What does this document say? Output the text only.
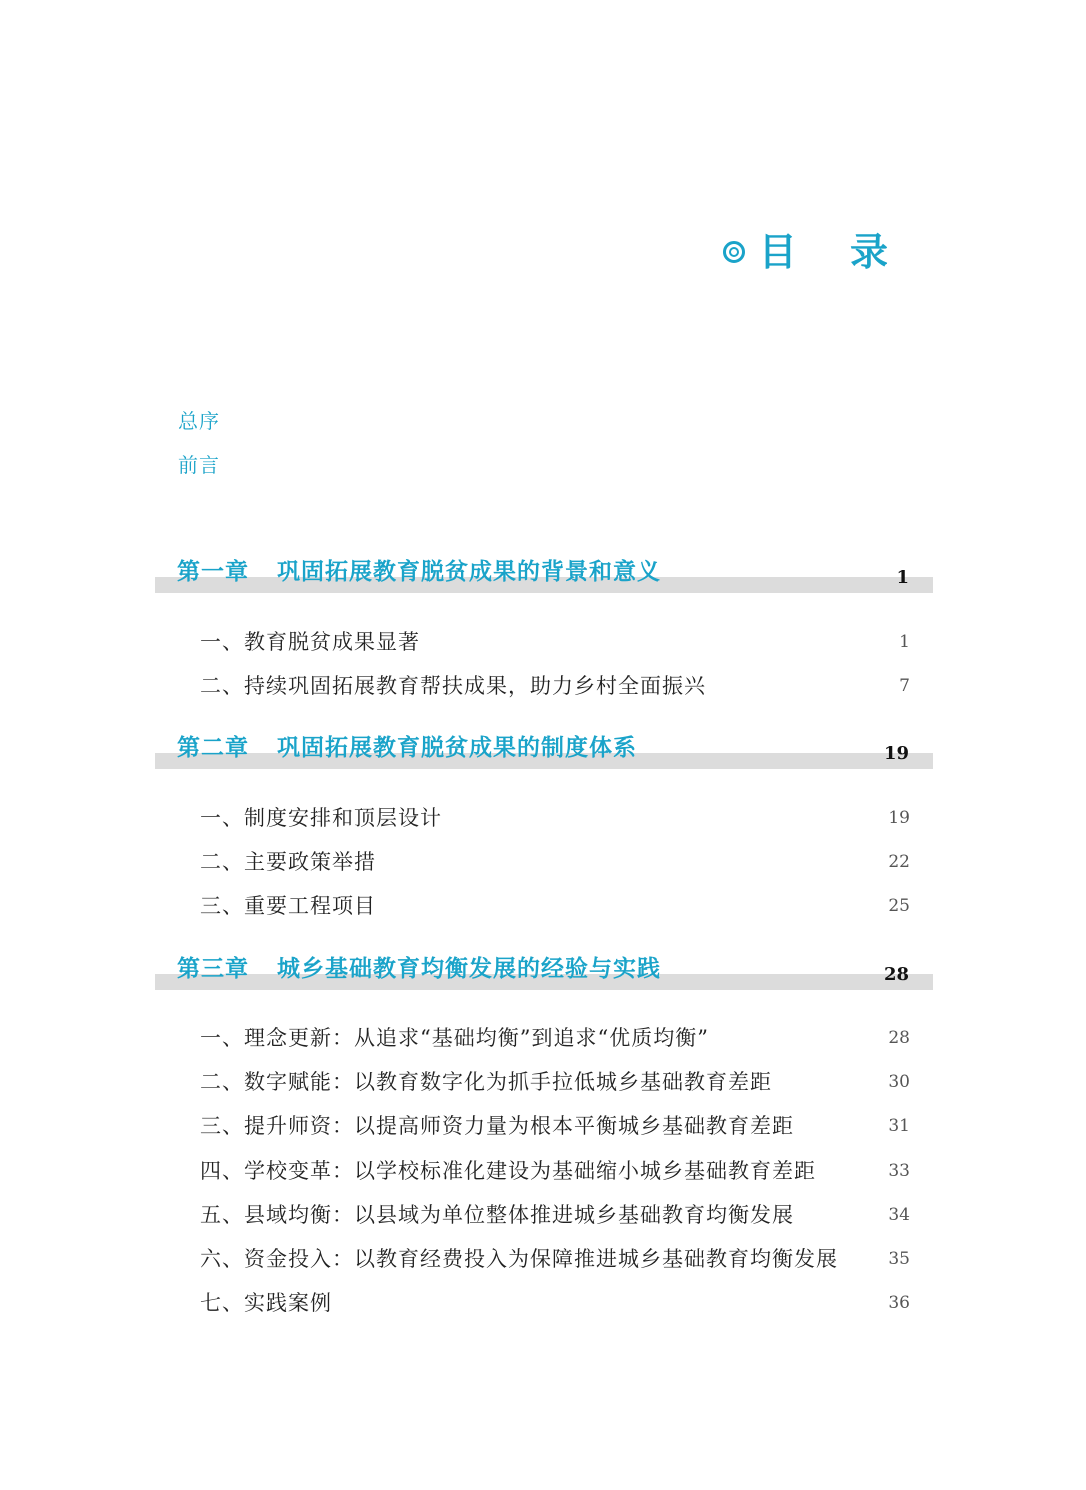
目 录
总序
前言
第一章 巩固拓展教育脱贫成果的背景和意义	1
一、教育脱贫成果显著	1
二、持续巩固拓展教育帮扶成果，助力乡村全面振兴	7
第二章 巩固拓展教育脱贫成果的制度体系	19
一、制度安排和顶层设计	19
二、主要政策举措	22
三、重要工程项目	25
第三章 城乡基础教育均衡发展的经验与实践	28
一、理念更新：从追求“基础均衡”到追求“优质均衡”	28
二、数字赋能：以教育数字化为抓手拉低城乡基础教育差距	30
三、提升师资：以提高师资力量为根本平衡城乡基础教育差距	31
四、学校变革：以学校标准化建设为基础缩小城乡基础教育差距	33
五、县域均衡：以县域为单位整体推进城乡基础教育均衡发展	34
六、资金投入：以教育经费投入为保障推进城乡基础教育均衡发展	35
七、实践案例	36
